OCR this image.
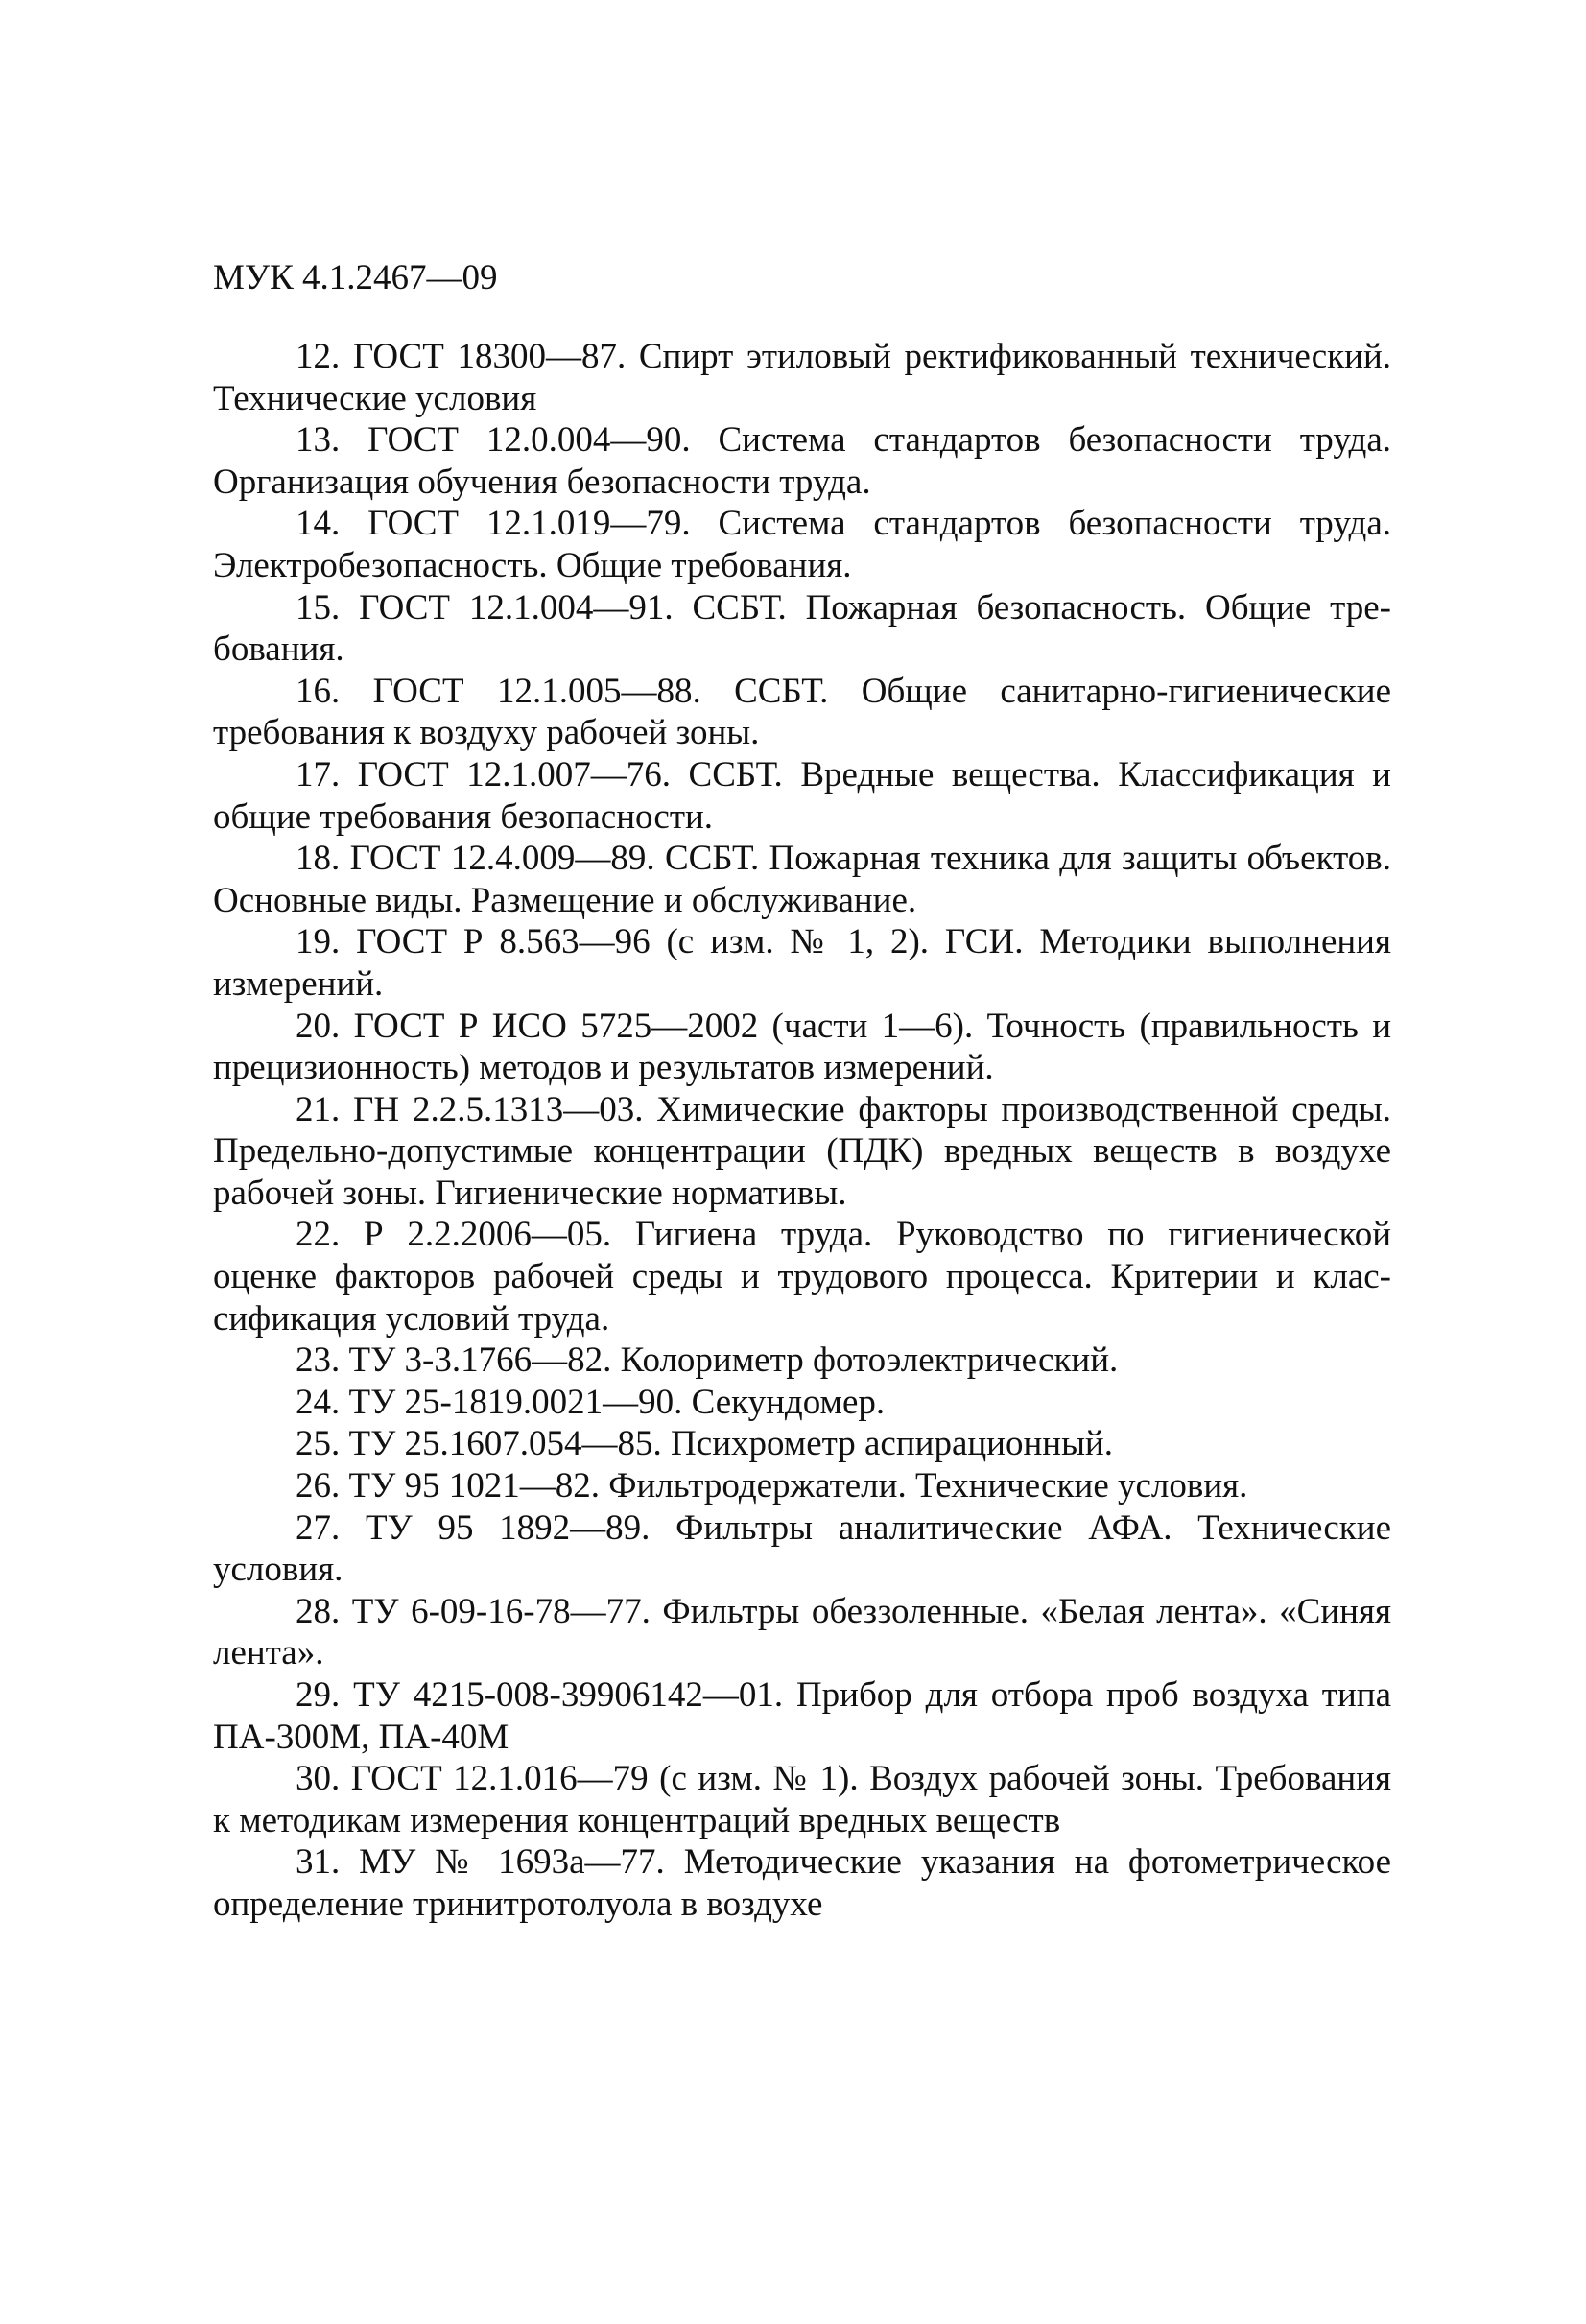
МУК 4.1.2467—09
12. ГОСТ 18300—87. Спирт этиловый ректификованный технический. Технические условия
13. ГОСТ 12.0.004—90. Система стандартов безопасности труда. Организация обучения безопасности труда.
14. ГОСТ 12.1.019—79. Система стандартов безопасности труда. Электробезопасность. Общие требования.
15. ГОСТ 12.1.004—91. ССБТ. Пожарная безопасность. Общие требования.
16. ГОСТ 12.1.005—88. ССБТ. Общие санитарно-гигиенические требования к воздуху рабочей зоны.
17. ГОСТ 12.1.007—76. ССБТ. Вредные вещества. Классификация и общие требования безопасности.
18. ГОСТ 12.4.009—89. ССБТ. Пожарная техника для защиты объектов. Основные виды. Размещение и обслуживание.
19. ГОСТ Р 8.563—96 (с изм. № 1, 2). ГСИ. Методики выполнения измерений.
20. ГОСТ Р ИСО 5725—2002 (части 1—6). Точность (правильность и прецизионность) методов и результатов измерений.
21. ГН 2.2.5.1313—03. Химические факторы производственной среды. Предельно-допустимые концентрации (ПДК) вредных веществ в воздухе рабочей зоны. Гигиенические нормативы.
22. Р 2.2.2006—05. Гигиена труда. Руководство по гигиенической оценке факторов рабочей среды и трудового процесса. Критерии и классификация условий труда.
23. ТУ 3-3.1766—82. Колориметр фотоэлектрический.
24. ТУ 25-1819.0021—90. Секундомер.
25. ТУ 25.1607.054—85. Психрометр аспирационный.
26. ТУ 95 1021—82. Фильтродержатели. Технические условия.
27. ТУ 95 1892—89. Фильтры аналитические АФА. Технические условия.
28. ТУ 6-09-16-78—77. Фильтры обеззоленные. «Белая лента». «Синяя лента».
29. ТУ 4215-008-39906142—01. Прибор для отбора проб воздуха типа ПА-300М, ПА-40М
30. ГОСТ 12.1.016—79 (с изм. № 1). Воздух рабочей зоны. Требования к методикам измерения концентраций вредных веществ
31. МУ № 1693а—77. Методические указания на фотометрическое определение тринитротолуола в воздухе
